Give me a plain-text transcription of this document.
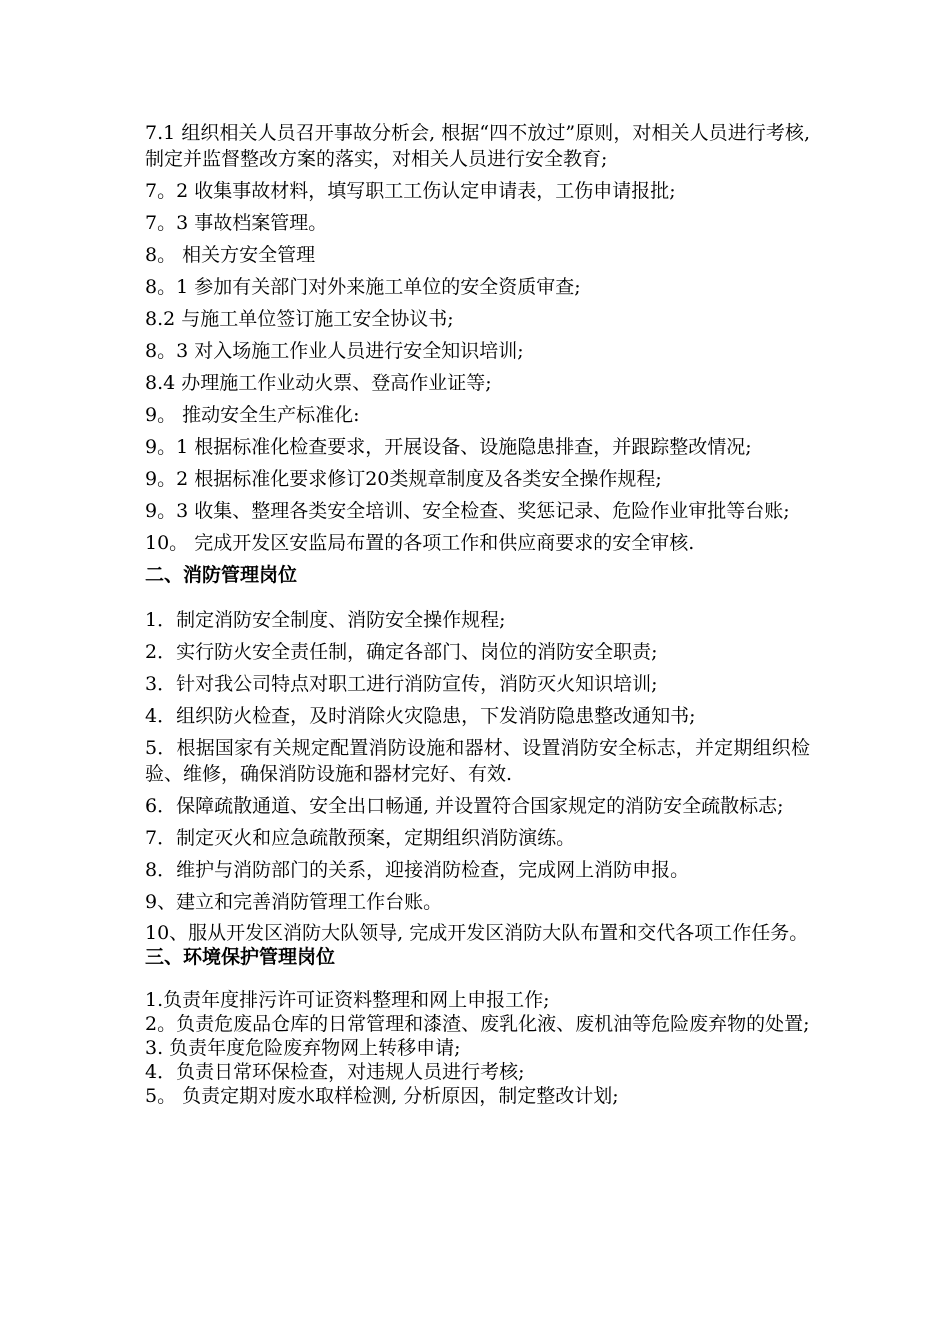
7.1 组织相关人员召开事故分析会, 根据“四不放过”原则，对相关人员进行考核, 制定并监督整改方案的落实，对相关人员进行安全教育;

7。2 收集事故材料，填写职工工伤认定申请表，工伤申请报批;

7。3 事故档案管理。

8。 相关方安全管理

8。1 参加有关部门对外来施工单位的安全资质审查;

8.2 与施工单位签订施工安全协议书;

8。3 对入场施工作业人员进行安全知识培训;

8.4 办理施工作业动火票、登高作业证等;

9。 推动安全生产标准化:

9。1 根据标准化检查要求，开展设备、设施隐患排查，并跟踪整改情况;

9。2 根据标准化要求修订20类规章制度及各类安全操作规程;

9。3 收集、整理各类安全培训、安全检查、奖惩记录、危险作业审批等台账;

10。 完成开发区安监局布置的各项工作和供应商要求的安全审核.

二、消防管理岗位

1．制定消防安全制度、消防安全操作规程;

2．实行防火安全责任制，确定各部门、岗位的消防安全职责;

3．针对我公司特点对职工进行消防宣传，消防灭火知识培训;

4．组织防火检查，及时消除火灾隐患，下发消防隐患整改通知书;

5．根据国家有关规定配置消防设施和器材、设置消防安全标志，并定期组织检验、维修，确保消防设施和器材完好、有效.

6．保障疏散通道、安全出口畅通, 并设置符合国家规定的消防安全疏散标志;

7．制定灭火和应急疏散预案，定期组织消防演练。

8．维护与消防部门的关系，迎接消防检查，完成网上消防申报。

9、建立和完善消防管理工作台账。

10、服从开发区消防大队领导, 完成开发区消防大队布置和交代各项工作任务。

三、环境保护管理岗位

1.负责年度排污许可证资料整理和网上申报工作;

2。负责危废品仓库的日常管理和漆渣、废乳化液、废机油等危险废弃物的处置;

3. 负责年度危险废弃物网上转移申请;

4．负责日常环保检查，对违规人员进行考核;

5。 负责定期对废水取样检测, 分析原因，制定整改计划;
